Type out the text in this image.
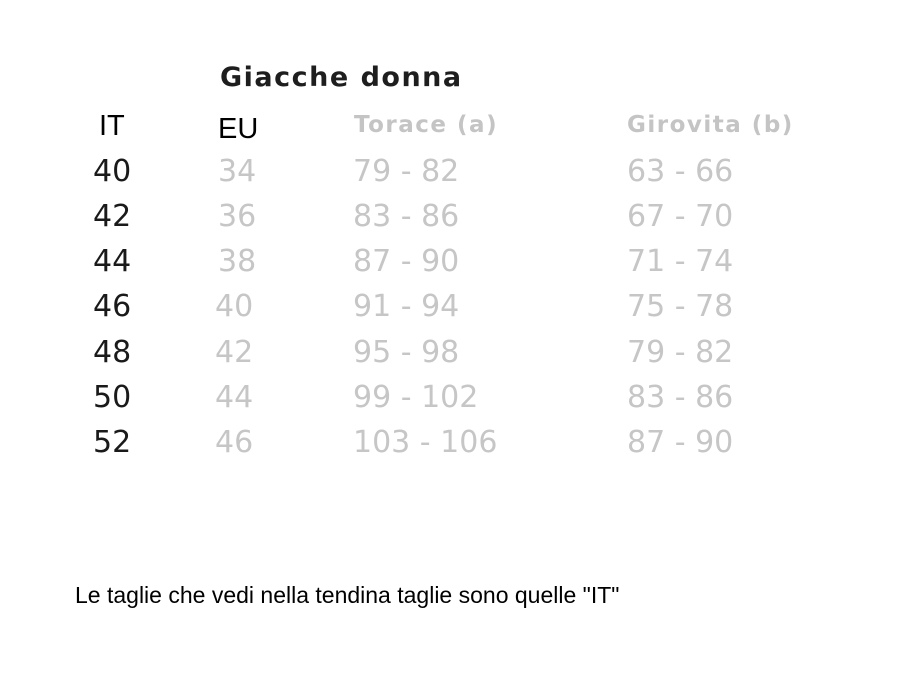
Giacche donna
IT	EU	Torace (a)	Girovita (b)
40	34	79 - 82	63 - 66
42	36	83 - 86	67 - 70
44	38	87 - 90	71 - 74
46	40	91 - 94	75 - 78
48	42	95 - 98	79 - 82
50	44	99 - 102	83 - 86
52	46	103 - 106	87 - 90
Le taglie che vedi nella tendina taglie sono quelle "IT"
